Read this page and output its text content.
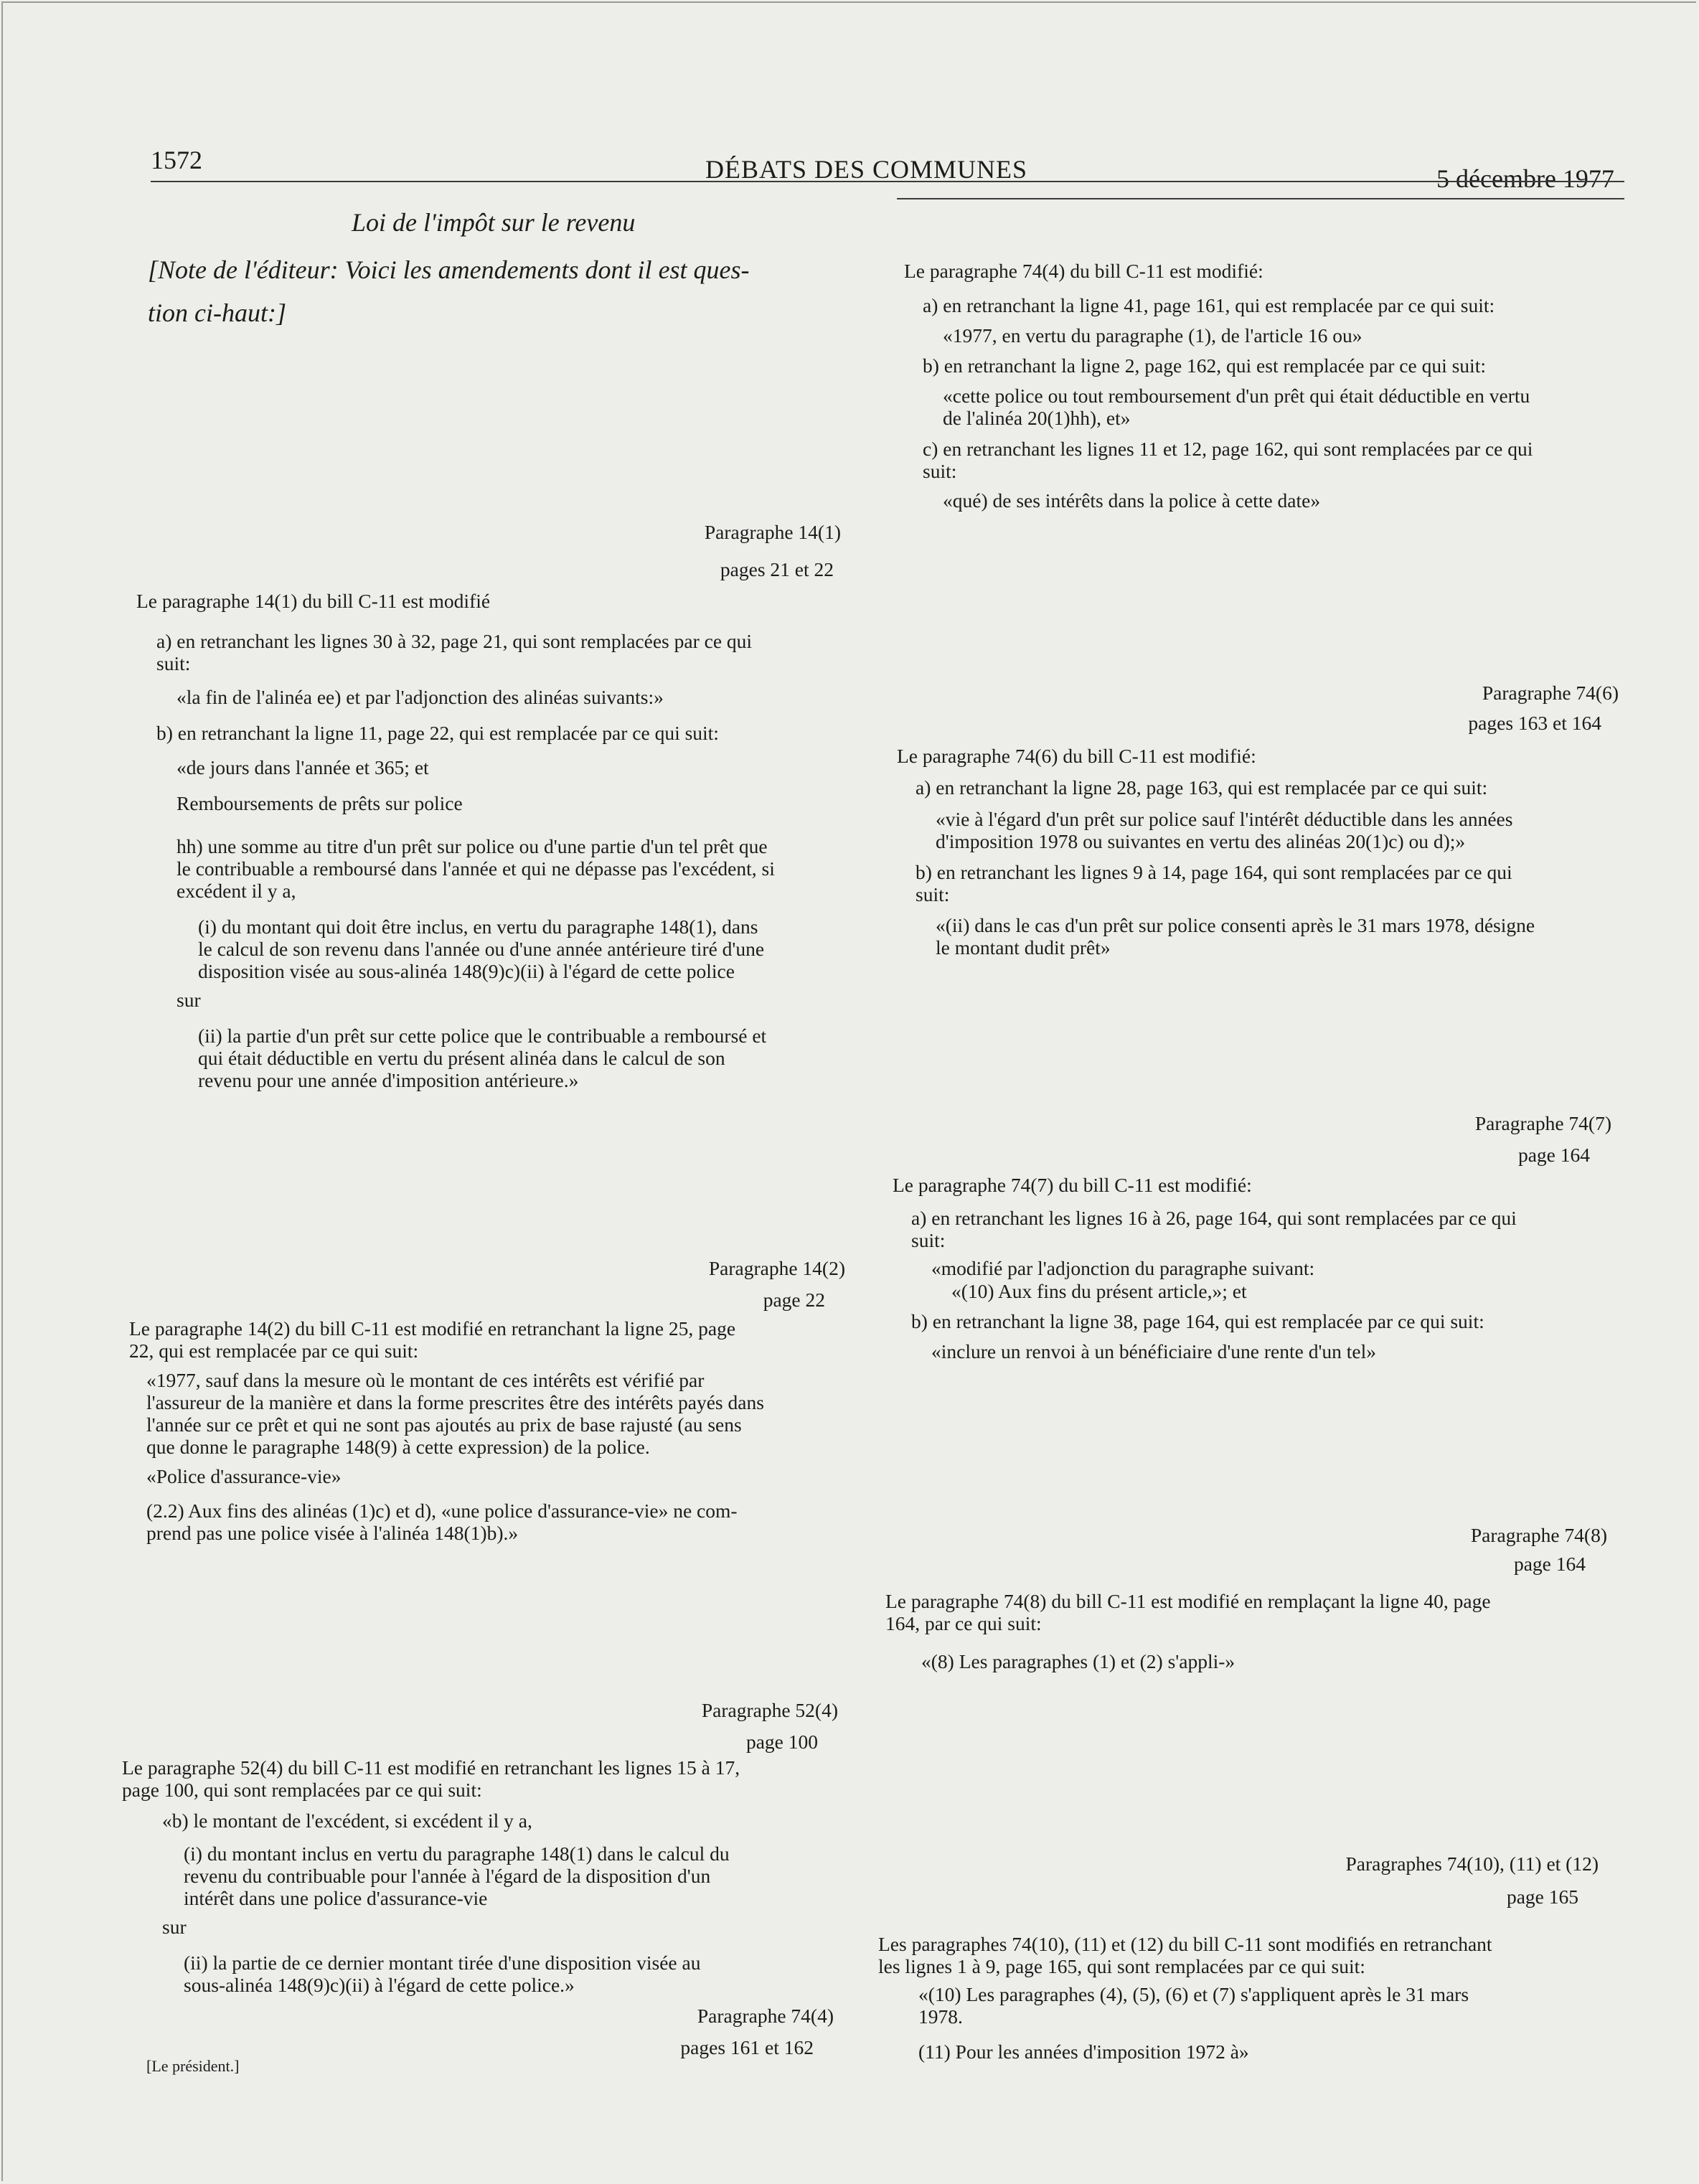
1572	DÉBATS DES COMMUNES	5 décembre 1977
Loi de l'impôt sur le revenu
[Note de l'éditeur: Voici les amendements dont il est ques-
tion ci-haut:]
Paragraphe 14(1)
pages 21 et 22
Le paragraphe 14(1) du bill C-11 est modifié

a) en retranchant les lignes 30 à 32, page 21, qui sont remplacées par ce qui

suit:

«la fin de l'alinéa ee) et par l'adjonction des alinéas suivants:»
b) en retranchant la ligne 11, page 22, qui est remplacée par ce qui suit:
«de jours dans l'année et 365; et
Remboursements de prêts sur police

hh) une somme au titre d'un prêt sur police ou d'une partie d'un tel prêt que

le contribuable a remboursé dans l'année et qui ne dépasse pas l'excédent, si

excédent il y a,

(i) du montant qui doit être inclus, en vertu du paragraphe 148(1), dans

le calcul de son revenu dans l'année ou d'une année antérieure tiré d'une

disposition visée au sous-alinéa 148(9)c)(ii) à l'égard de cette police

sur

(ii) la partie d'un prêt sur cette police que le contribuable a remboursé et

qui était déductible en vertu du présent alinéa dans le calcul de son

revenu pour une année d'imposition antérieure.»

Paragraphe 14(2)
page 22

Le paragraphe 14(2) du bill C-11 est modifié en retranchant la ligne 25, page

22, qui est remplacée par ce qui suit:

«1977, sauf dans la mesure où le montant de ces intérêts est vérifié par

l'assureur de la manière et dans la forme prescrites être des intérêts payés dans

l'année sur ce prêt et qui ne sont pas ajoutés au prix de base rajusté (au sens

que donne le paragraphe 148(9) à cette expression) de la police.

«Police d'assurance-vie»

(2.2) Aux fins des alinéas (1)c) et d), «une police d'assurance-vie» ne com-

prend pas une police visée à l'alinéa 148(1)b).»

Paragraphe 52(4)
page 100

Le paragraphe 52(4) du bill C-11 est modifié en retranchant les lignes 15 à 17,

page 100, qui sont remplacées par ce qui suit:

«b) le montant de l'excédent, si excédent il y a,

(i) du montant inclus en vertu du paragraphe 148(1) dans le calcul du

revenu du contribuable pour l'année à l'égard de la disposition d'un

intérêt dans une police d'assurance-vie

sur

(ii) la partie de ce dernier montant tirée d'une disposition visée au

sous-alinéa 148(9)c)(ii) à l'égard de cette police.»

Paragraphe 74(4)
pages 161 et 162
[Le président.]
Le paragraphe 74(4) du bill C-11 est modifié:
a) en retranchant la ligne 41, page 161, qui est remplacée par ce qui suit:
«1977, en vertu du paragraphe (1), de l'article 16 ou»
b) en retranchant la ligne 2, page 162, qui est remplacée par ce qui suit:

«cette police ou tout remboursement d'un prêt qui était déductible en vertu

de l'alinéa 20(1)hh), et»

c) en retranchant les lignes 11 et 12, page 162, qui sont remplacées par ce qui

suit:

«qué) de ses intérêts dans la police à cette date»
Paragraphe 74(6)
pages 163 et 164
Le paragraphe 74(6) du bill C-11 est modifié:
a) en retranchant la ligne 28, page 163, qui est remplacée par ce qui suit:

«vie à l'égard d'un prêt sur police sauf l'intérêt déductible dans les années

d'imposition 1978 ou suivantes en vertu des alinéas 20(1)c) ou d);»

b) en retranchant les lignes 9 à 14, page 164, qui sont remplacées par ce qui

suit:

«(ii) dans le cas d'un prêt sur police consenti après le 31 mars 1978, désigne

le montant dudit prêt»

Paragraphe 74(7)
page 164
Le paragraphe 74(7) du bill C-11 est modifié:

a) en retranchant les lignes 16 à 26, page 164, qui sont remplacées par ce qui

suit:

«modifié par l'adjonction du paragraphe suivant:
«(10) Aux fins du présent article,»; et
b) en retranchant la ligne 38, page 164, qui est remplacée par ce qui suit:
«inclure un renvoi à un bénéficiaire d'une rente d'un tel»
Paragraphe 74(8)
page 164

Le paragraphe 74(8) du bill C-11 est modifié en remplaçant la ligne 40, page

164, par ce qui suit:

«(8) Les paragraphes (1) et (2) s'appli-»
Paragraphes 74(10), (11) et (12)
page 165

Les paragraphes 74(10), (11) et (12) du bill C-11 sont modifiés en retranchant

les lignes 1 à 9, page 165, qui sont remplacées par ce qui suit:

«(10) Les paragraphes (4), (5), (6) et (7) s'appliquent après le 31 mars

1978.

(11) Pour les années d'imposition 1972 à»
